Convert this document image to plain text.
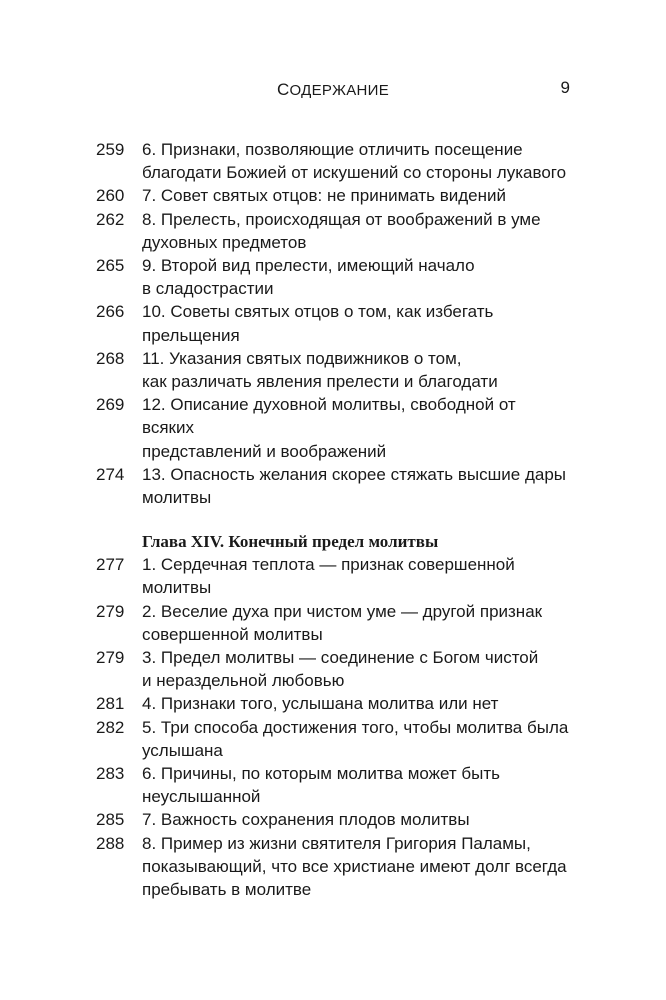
СОДЕРЖАНИЕ	9
259	6. Признаки, позволяющие отличить посещение
благодати Божией от искушений со стороны лукавого
260	7. Совет святых отцов: не принимать видений
262	8. Прелесть, происходящая от воображений в уме
духовных предметов
265	9. Второй вид прелести, имеющий начало
в сладострастии
266	10. Советы святых отцов о том, как избегать
прельщения
268	11. Указания святых подвижников о том,
как различать явления прелести и благодати
269	12. Описание духовной молитвы, свободной от всяких
представлений и воображений
274	13. Опасность желания скорее стяжать высшие дары
молитвы
Глава XIV. Конечный предел молитвы
277	1. Сердечная теплота — признак совершенной
молитвы
279	2. Веселие духа при чистом уме — другой признак
совершенной молитвы
279	3. Предел молитвы — соединение с Богом чистой
и нераздельной любовью
281	4. Признаки того, услышана молитва или нет
282	5. Три способа достижения того, чтобы молитва была
услышана
283	6. Причины, по которым молитва может быть
неуслышанной
285	7. Важность сохранения плодов молитвы
288	8. Пример из жизни святителя Григория Паламы,
показывающий, что все христиане имеют долг всегда
пребывать в молитве
